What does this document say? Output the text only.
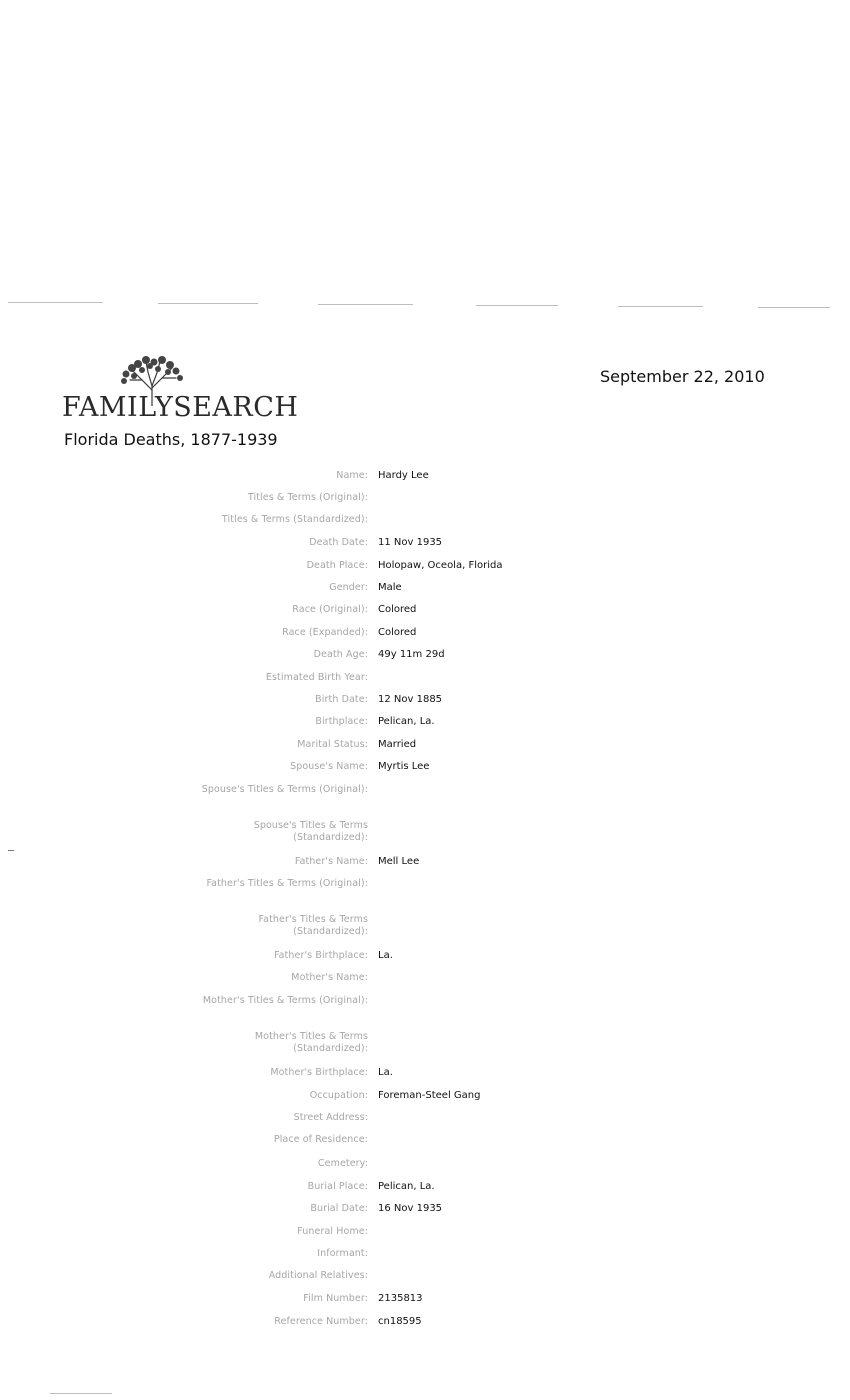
FAMILYSEARCH
Florida Deaths, 1877-1939
September 22, 2010
Name: Hardy Lee
Titles & Terms (Original):
Titles & Terms (Standardized):
Death Date: 11 Nov 1935
Death Place: Holopaw, Oceola, Florida
Gender: Male
Race (Original): Colored
Race (Expanded): Colored
Death Age: 49y 11m 29d
Estimated Birth Year:
Birth Date: 12 Nov 1885
Birthplace: Pelican, La.
Marital Status: Married
Spouse's Name: Myrtis Lee
Spouse's Titles & Terms (Original):
Spouse's Titles & Terms (Standardized):
Father's Name: Mell Lee
Father's Titles & Terms (Original):
Father's Titles & Terms (Standardized):
Father's Birthplace: La.
Mother's Name:
Mother's Titles & Terms (Original):
Mother's Titles & Terms (Standardized):
Mother's Birthplace: La.
Occupation: Foreman-Steel Gang
Street Address:
Place of Residence:
Cemetery:
Burial Place: Pelican, La.
Burial Date: 16 Nov 1935
Funeral Home:
Informant:
Additional Relatives:
Film Number: 2135813
Reference Number: cn18595
